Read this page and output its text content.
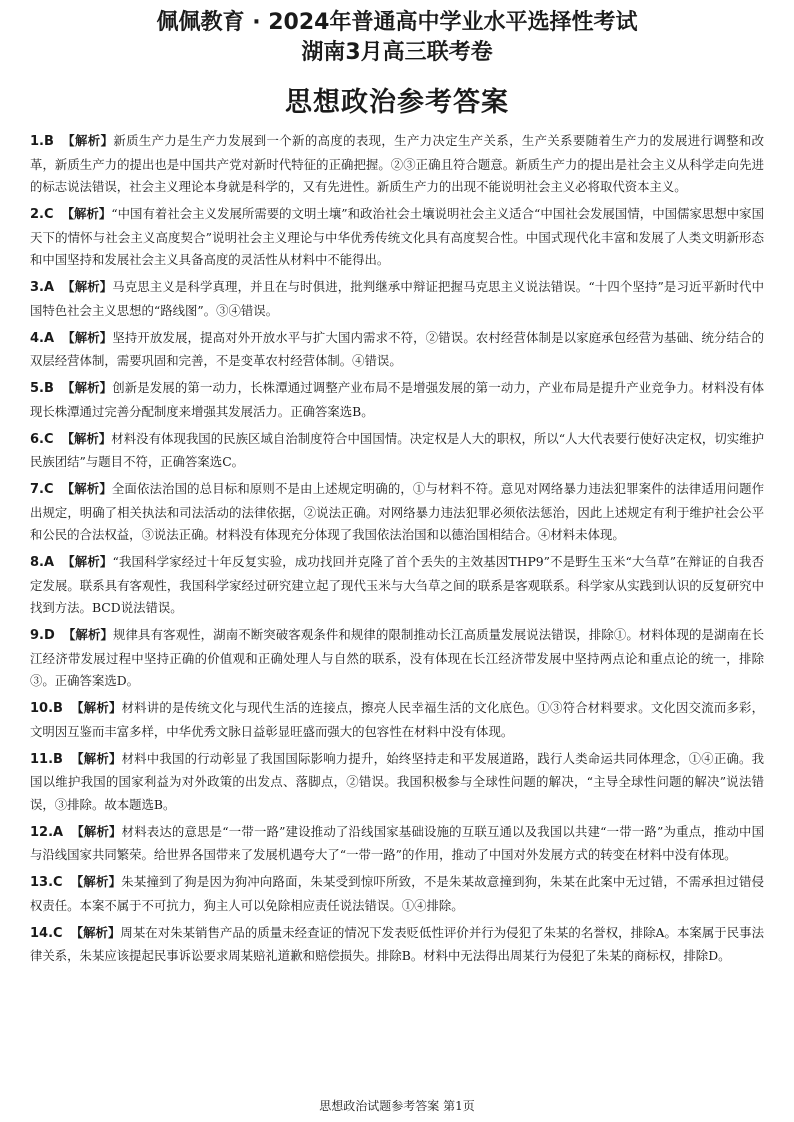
佩佩教育 · 2024年普通高中学业水平选择性考试
湖南3月高三联考卷
思想政治参考答案
1.B 【解析】新质生产力是生产力发展到一个新的高度的表现，生产力决定生产关系，生产关系要随着生产力的发展进行调整和改革，新质生产力的提出也是中国共产党对新时代特征的正确把握。②③正确且符合题意。新质生产力的提出是社会主义从科学走向先进的标志说法错误，社会主义理论本身就是科学的，又有先进性。新质生产力的出现不能说明社会主义必将取代资本主义。
2.C 【解析】“中国有着社会主义发展所需要的文明土壤”和政治社会土壤说明社会主义适合“中国社会发展国情，中国儒家思想中家国天下的情怀与社会主义高度契合”说明社会主义理论与中华优秀传统文化具有高度契合性。中国式现代化丰富和发展了人类文明新形态和中国坚持和发展社会主义具备高度的灵活性从材料中不能得出。
3.A 【解析】马克思主义是科学真理，并且在与时俱进，批判继承中辩证把握马克思主义说法错误。“十四个坚持”是习近平新时代中国特色社会主义思想的“路线图”。③④错误。
4.A 【解析】坚持开放发展，提高对外开放水平与扩大国内需求不符，②错误。农村经营体制是以家庭承包经营为基础、统分结合的双层经营体制，需要巩固和完善，不是变革农村经营体制。④错误。
5.B 【解析】创新是发展的第一动力，长株潭通过调整产业布局不是增强发展的第一动力，产业布局是提升产业竞争力。材料没有体现长株潭通过完善分配制度来增强其发展活力。正确答案选B。
6.C 【解析】材料没有体现我国的民族区域自治制度符合中国国情。决定权是人大的职权，所以“人大代表要行使好决定权，切实维护民族团结”与题目不符，正确答案选C。
7.C 【解析】全面依法治国的总目标和原则不是由上述规定明确的，①与材料不符。意见对网络暴力违法犯罪案件的法律适用问题作出规定，明确了相关执法和司法活动的法律依据，②说法正确。对网络暴力违法犯罪必须依法惩治，因此上述规定有利于维护社会公平和公民的合法权益，③说法正确。材料没有体现充分体现了我国依法治国和以德治国相结合。④材料未体现。
8.A 【解析】“我国科学家经过十年反复实验，成功找回并克隆了首个丢失的主效基因THP9”不是野生玉米“大刍草”在辩证的自我否定发展。联系具有客观性，我国科学家经过研究建立起了现代玉米与大刍草之间的联系是客观联系。科学家从实践到认识的反复研究中找到方法。BCD说法错误。
9.D 【解析】规律具有客观性，湖南不断突破客观条件和规律的限制推动长江高质量发展说法错误，排除①。材料体现的是湖南在长江经济带发展过程中坚持正确的价值观和正确处理人与自然的联系，没有体现在长江经济带发展中坚持两点论和重点论的统一，排除③。正确答案选D。
10.B 【解析】材料讲的是传统文化与现代生活的连接点，擦亮人民幸福生活的文化底色。①③符合材料要求。文化因交流而多彩，文明因互鉴而丰富多样，中华优秀文脉日益彰显旺盛而强大的包容性在材料中没有体现。
11.B 【解析】材料中我国的行动彰显了我国国际影响力提升，始终坚持走和平发展道路，践行人类命运共同体理念，①④正确。我国以维护我国的国家利益为对外政策的出发点、落脚点，②错误。我国积极参与全球性问题的解决，“主导全球性问题的解决”说法错误，③排除。故本题选B。
12.A 【解析】材料表达的意思是“一带一路”建设推动了沿线国家基础设施的互联互通以及我国以共建“一带一路”为重点，推动中国与沿线国家共同繁荣。给世界各国带来了发展机遇夸大了“一带一路”的作用，推动了中国对外发展方式的转变在材料中没有体现。
13.C 【解析】朱某撞到了狗是因为狗冲向路面，朱某受到惊吓所致，不是朱某故意撞到狗，朱某在此案中无过错，不需承担过错侵权责任。本案不属于不可抗力，狗主人可以免除相应责任说法错误。①④排除。
14.C 【解析】周某在对朱某销售产品的质量未经查证的情况下发表贬低性评价并行为侵犯了朱某的名誉权，排除A。本案属于民事法律关系，朱某应该提起民事诉讼要求周某赔礼道歉和赔偿损失。排除B。材料中无法得出周某行为侵犯了朱某的商标权，排除D。
思想政治试题参考答案 第1页
